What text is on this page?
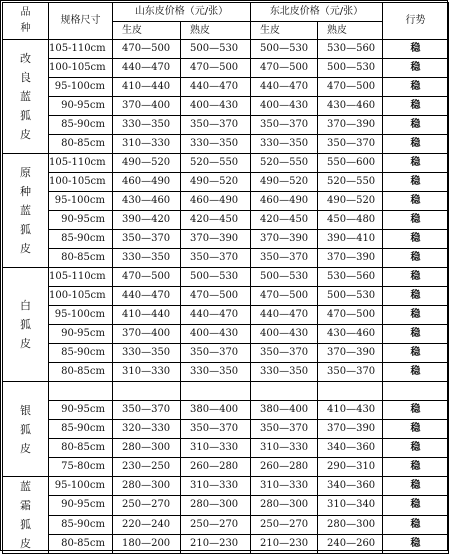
品种	规格尺寸	山东皮价格（元/张）		东北皮价格（元/张）		行势
		生皮	熟皮	生皮	熟皮	

改良蓝狐皮	105-110cm	470—500	500—530	500—530	530—560	稳
	100-105cm	440—470	470—500	470—500	500—530	稳
	95-100cm	410—440	440—470	440—470	470—500	稳
	90-95cm	370—400	400—430	400—430	430—460	稳
	85-90cm	330—350	350—370	350—370	370—390	稳
	80-85cm	310—330	330—350	330—350	350—370	稳

原种蓝狐皮	105-110cm	490—520	520—550	520—550	550—600	稳
	100-105cm	460—490	490—520	490—520	520—550	稳
	95-100cm	430—460	460—490	460—490	490—520	稳
	90-95cm	390—420	420—450	420—450	450—480	稳
	85-90cm	350—370	370—390	370—390	390—410	稳
	80-85cm	330—350	350—370	350—370	370—390	稳

白狐皮	105-110cm	470—500	500—530	500—530	530—560	稳
	100-105cm	440—470	470—500	470—500	500—530	稳
	95-100cm	410—440	440—470	440—470	470—500	稳
	90-95cm	370—400	400—430	400—430	430—460	稳
	85-90cm	330—350	350—370	350—370	370—390	稳
	80-85cm	310—330	330—350	330—350	350—370	稳

银狐皮						

	90-95cm	350—370	380—400	380—400	410—430	稳
	85-90cm	320—330	350—370	350—370	370—390	稳
	80-85cm	280—300	310—330	310—330	340—360	稳
	75-80cm	230—250	260—280	260—280	290—310	稳

蓝霜狐皮	95-100cm	280—300	310—330	310—330	340—360	稳
	90-95cm	250—270	280—300	280—300	310—340	稳
	85-90cm	220—240	250—270	250—270	280—300	稳
	80-85cm	180—200	210—230	210—230	240—260	稳
